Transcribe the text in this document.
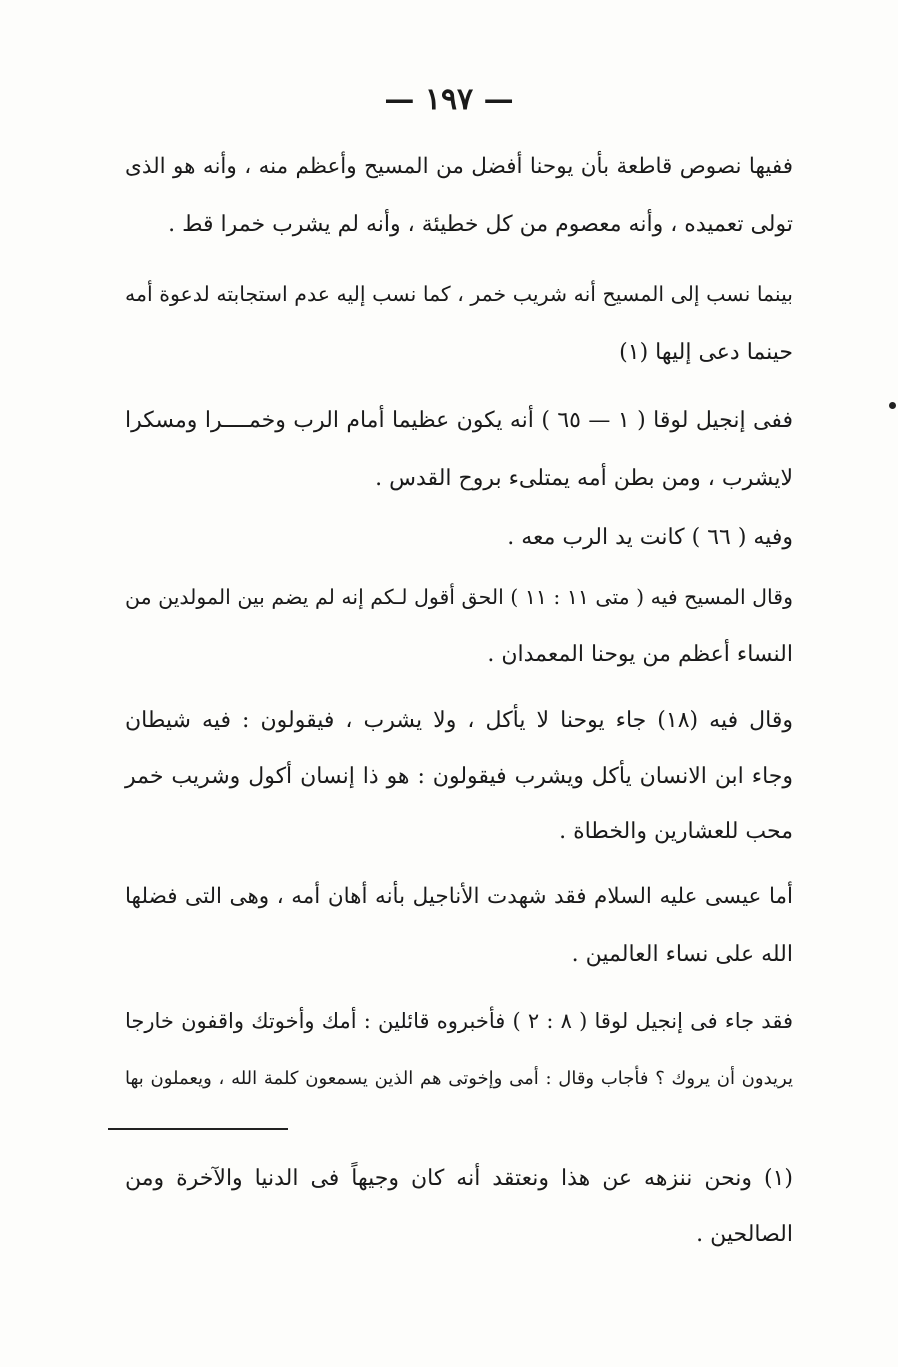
— ١٩٧ —
ففيها نصوص قاطعة بأن يوحنا أفضل من المسيح وأعظم منه ، وأنه هو الذى
تولى تعميده ، وأنه معصوم من كل خطيئة ، وأنه لم يشرب خمرا قط .
بينما نسب إلى المسيح أنه شريب خمر ، كما نسب إليه عدم استجابته لدعوة أمه
حينما دعى إليها (١)
ففى إنجيل لوقا ( ١ — ٦٥ ) أنه يكون عظيما أمام الرب وخمــــرا ومسكرا
لايشرب ، ومن بطن أمه يمتلىء بروح القدس .
وفيه ( ٦٦ ) كانت يد الرب معه .
وقال المسيح فيه ( متى ١١ : ١١ ) الحق أقول لـكم إنه لم يضم بين المولدين من
النساء أعظم من يوحنا المعمدان .
وقال فيه (١٨) جاء يوحنا لا يأكل ، ولا يشرب ، فيقولون : فيه شيطان
وجاء ابن الانسان يأكل ويشرب فيقولون : هو ذا إنسان أكول وشريب خمر
محب للعشارين والخطاة .
أما عيسى عليه السلام فقد شهدت الأناجيل بأنه أهان أمه ، وهى التى فضلها
الله على نساء العالمين .
فقد جاء فى إنجيل لوقا ( ٨ : ٢ ) فأخبروه قائلين : أمك وأخوتك واقفون خارجا
يريدون أن يروك ؟ فأجاب وقال : أمى وإخوتى هم الذين يسمعون كلمة الله ، ويعملون بها
(١) ونحن ننزهه عن هذا ونعتقد أنه كان وجيهاً فى الدنيا والآخرة ومن
الصالحين .
